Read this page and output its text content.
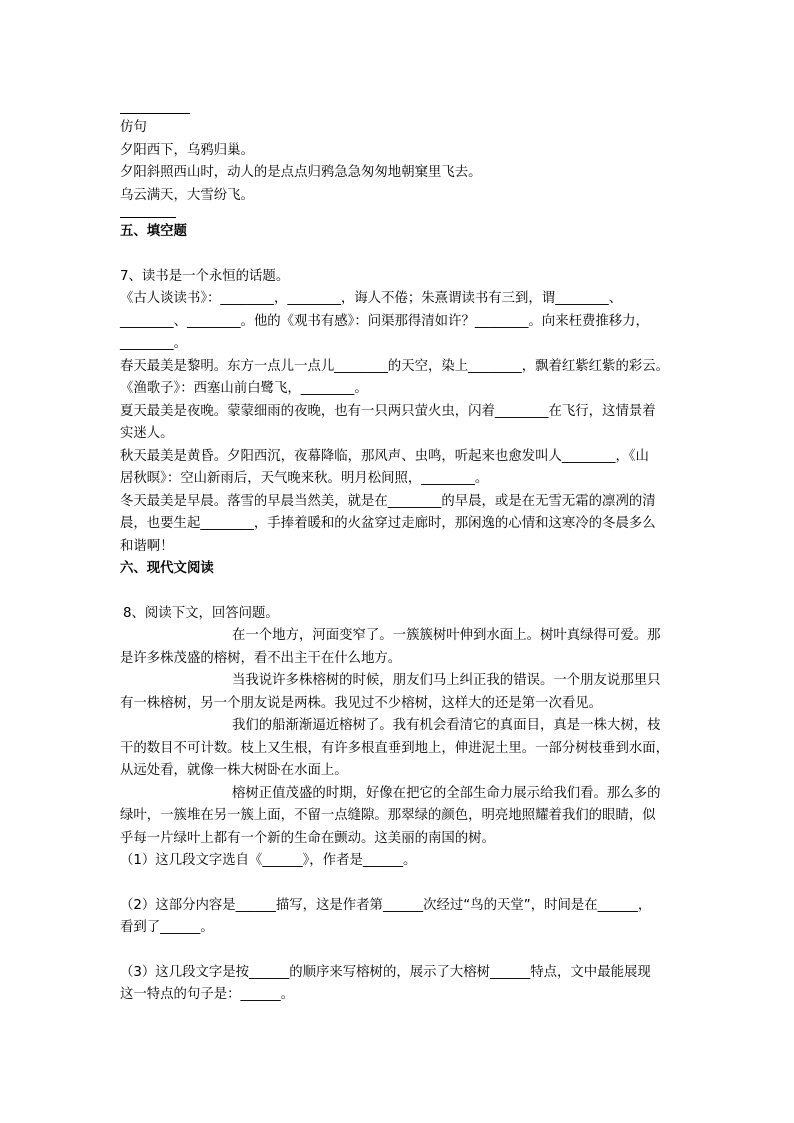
仿句
夕阳西下，乌鸦归巢。
夕阳斜照西山时，动人的是点点归鸦急急匆匆地朝窠里飞去。
乌云满天，大雪纷飞。
五、填空题
7、读书是一个永恒的话题。
《古人谈读书》：________，________，诲人不倦；朱熹谓读书有三到，谓________、
________、________。他的《观书有感》：问渠那得清如许？________。向来枉费推移力，
________。
春天最美是黎明。东方一点儿一点儿________的天空，染上________，飘着红紫红紫的彩云。
《渔歌子》：西塞山前白鹭飞，________。
夏天最美是夜晚。蒙蒙细雨的夜晚，也有一只两只萤火虫，闪着________在飞行，这情景着
实迷人。
秋天最美是黄昏。夕阳西沉，夜幕降临，那风声、虫鸣，听起来也愈发叫人________，《山
居秋暝》：空山新雨后，天气晚来秋。明月松间照，________。
冬天最美是早晨。落雪的早晨当然美，就是在________的早晨，或是在无雪无霜的凛冽的清
晨，也要生起________，手捧着暖和的火盆穿过走廊时，那闲逸的心情和这寒冷的冬晨多么
和谐啊！
六、现代文阅读
8、阅读下文，回答问题。
在一个地方，河面变窄了。一簇簇树叶伸到水面上。树叶真绿得可爱。那
是许多株茂盛的榕树，看不出主干在什么地方。
当我说许多株榕树的时候，朋友们马上纠正我的错误。一个朋友说那里只
有一株榕树，另一个朋友说是两株。我见过不少榕树，这样大的还是第一次看见。
我们的船渐渐逼近榕树了。我有机会看清它的真面目，真是一株大树，枝
干的数目不可计数。枝上又生根，有许多根直垂到地上，伸进泥土里。一部分树枝垂到水面，
从远处看，就像一株大树卧在水面上。
榕树正值茂盛的时期，好像在把它的全部生命力展示给我们看。那么多的
绿叶，一簇堆在另一簇上面，不留一点缝隙。那翠绿的颜色，明亮地照耀着我们的眼睛，似
乎每一片绿叶上都有一个新的生命在颤动。这美丽的南国的树。
（1）这几段文字选自《______》，作者是______。
（2）这部分内容是______描写，这是作者第______次经过“鸟的天堂”，时间是在______，
看到了______。
（3）这几段文字是按______的顺序来写榕树的，展示了大榕树______特点，文中最能展现
这一特点的句子是：______。
